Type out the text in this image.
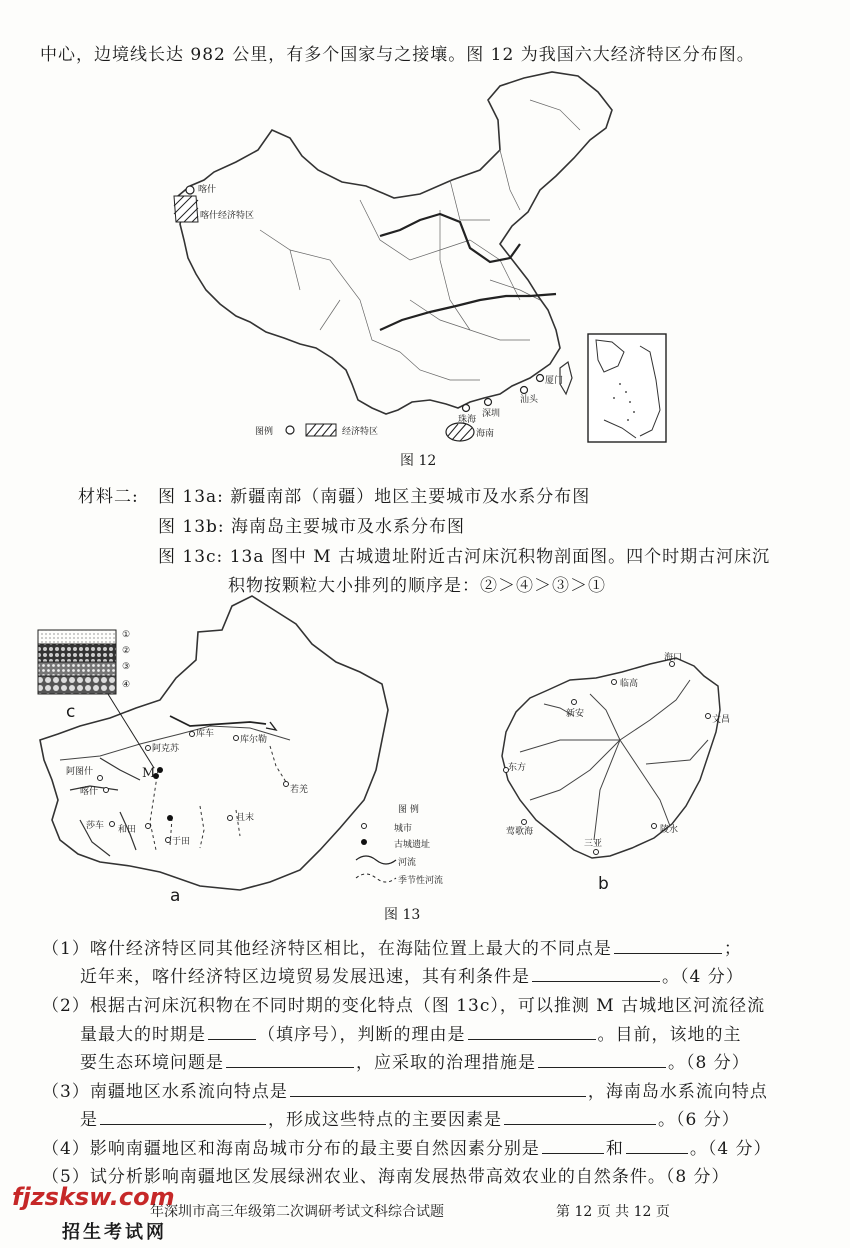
中心，边境线长达 982 公里，有多个国家与之接壤。图 12 为我国六大经济特区分布图。
喀什
喀什经济特区
厦门
汕头
深圳
珠海
海南
图例	经济特区
图 12
材料二: 图 13a: 新疆南部（南疆）地区主要城市及水系分布图
图 13b: 海南岛主要城市及水系分布图
图 13c: 13a 图中 M 古城遗址附近古河床沉积物剖面图。四个时期古河床沉
积物按颗粒大小排列的顺序是：②＞④＞③＞①
①
②
③
④
c
库车
阿克苏
库尔勒
阿图什
喀什
莎车 和田
于田
且末
若羌
M
a
图 例
城市
古城遗址
河流
季节性河流
海口
临高
新安
文昌
东方
莺歌海
三亚
陵水
b
图 13
（1）喀什经济特区同其他经济特区相比，在海陆位置上最大的不同点是	；
近年来，喀什经济特区边境贸易发展迅速，其有利条件是	。（4 分）
（2）根据古河床沉积物在不同时期的变化特点（图 13c），可以推测 M 古城地区河流径流
量最大的时期是	（填序号），判断的理由是	。目前，该地的主
要生态环境问题是	，应采取的治理措施是	。（8 分）
（3）南疆地区水系流向特点是	，海南岛水系流向特点
是	，形成这些特点的主要因素是	。（6 分）
（4）影响南疆地区和海南岛城市分布的最主要自然因素分别是	和	。（4 分）
（5）试分析影响南疆地区发展绿洲农业、海南发展热带高效农业的自然条件。（8 分）
fjzsksw.com
年深圳市高三年级第二次调研考试文科综合试题	第 12 页 共 12 页
招生考试网
